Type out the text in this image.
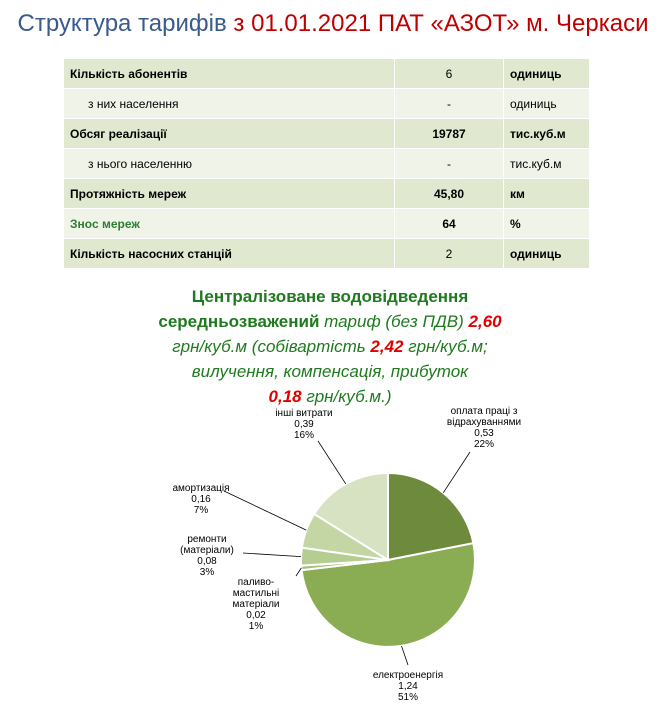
Структура тарифів з 01.01.2021 ПАТ «АЗОТ» м. Черкаси
Кількість абонентів	6	одиниць
з них населення	-	одиниць
Обсяг реалізації	19787	тис.куб.м
з нього населенню	-	тис.куб.м
Протяжність мереж	45,80	км
Знос мереж	64	%
Кількість насосних станцій	2	одиниць
Централізоване водовідведення
середньозважений тариф (без ПДВ) 2,60
грн/куб.м (собівартість 2,42 грн/куб.м;
вилучення, компенсація, прибуток
0,18 грн/куб.м.)
оплата праці з відрахуваннями 0,53 22%
електроенергія 1,24 51%
паливо-мастильні матеріали 0,02 1%
ремонти (матеріали) 0,08 3%
амортизація 0,16 7%
інші витрати 0,39 16%
